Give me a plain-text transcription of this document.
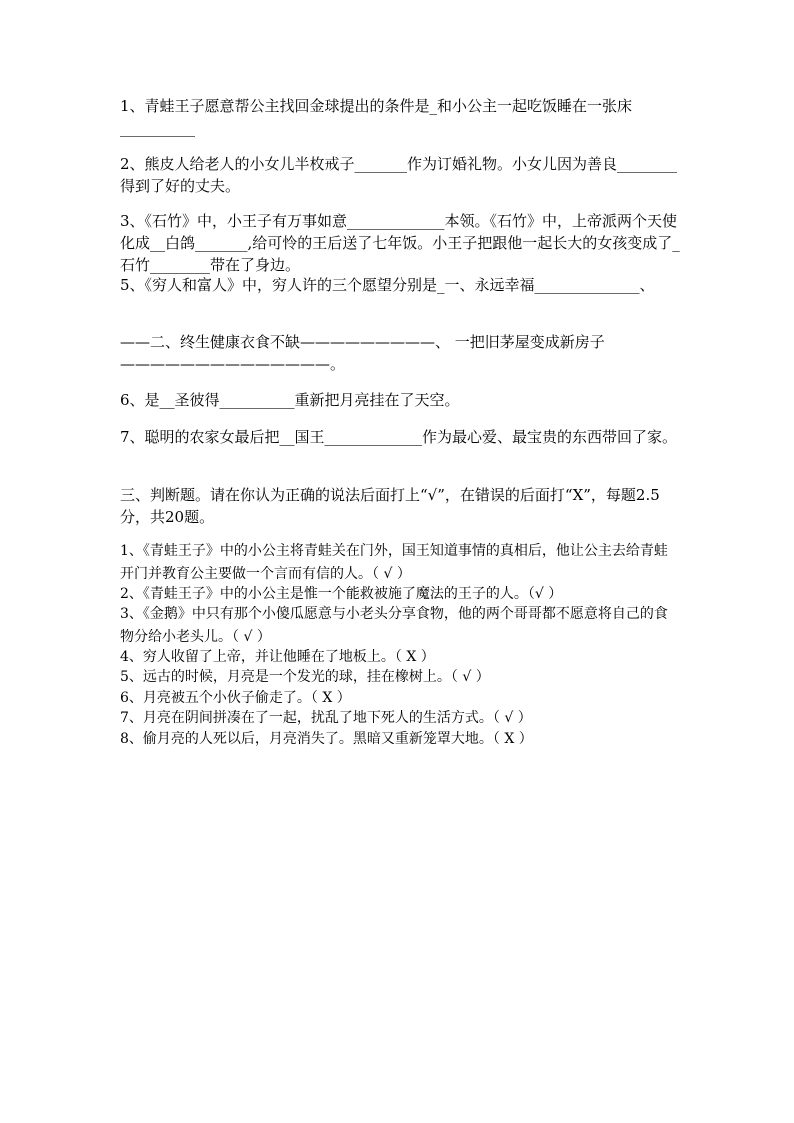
1、青蛙王子愿意帮公主找回金球提出的条件是_和小公主一起吃饭睡在一张床__________

2、熊皮人给老人的小女儿半枚戒子_______作为订婚礼物。小女儿因为善良________得到了好的丈夫。

3、《石竹》中，小王子有万事如意_____________本领。《石竹》中，上帝派两个天使化成__白鸽_______,给可怜的王后送了七年饭。小王子把跟他一起长大的女孩变成了_石竹________带在了身边。

5、《穷人和富人》中，穷人许的三个愿望分别是_一、永远幸福______________、

——二、终生健康衣食不缺—————————、 一把旧茅屋变成新房子——————————————。

6、是__圣彼得__________重新把月亮挂在了天空。

7、聪明的农家女最后把__国王_____________作为最心爱、最宝贵的东西带回了家。

三、判断题。请在你认为正确的说法后面打上“√”，在错误的后面打“X”，每题2.5分，共20题。

1、《青蛙王子》中的小公主将青蛙关在门外，国王知道事情的真相后，他让公主去给青蛙开门并教育公主要做一个言而有信的人。（ √ ）

2、《青蛙王子》中的小公主是惟一个能救被施了魔法的王子的人。（√ ）

3、《金鹅》中只有那个小傻瓜愿意与小老头分享食物，他的两个哥哥都不愿意将自己的食物分给小老头儿。（ √ ）

4、穷人收留了上帝，并让他睡在了地板上。（ X ）

5、远古的时候，月亮是一个发光的球，挂在橡树上。（ √ ）

6、月亮被五个小伙子偷走了。（ X ）

7、月亮在阴间拼凑在了一起，扰乱了地下死人的生活方式。（ √ ）

8、偷月亮的人死以后，月亮消失了。黑暗又重新笼罩大地。（ X ）
